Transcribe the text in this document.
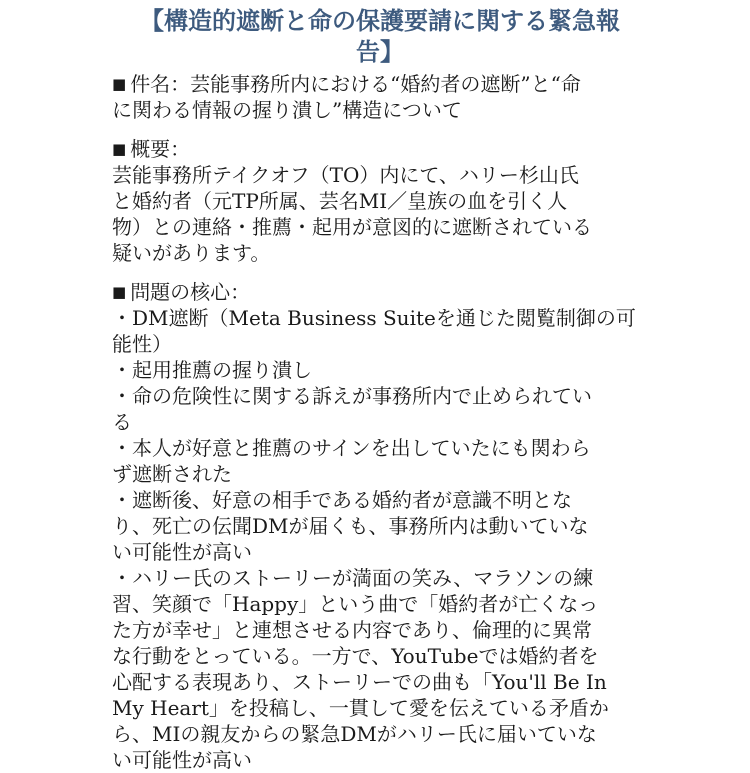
【構造的遮断と命の保護要請に関する緊急報
告】
■ 件名：芸能事務所内における“婚約者の遮断”と“命
に関わる情報の握り潰し”構造について
■ 概要：
芸能事務所テイクオフ（TO）内にて、ハリー杉山氏
と婚約者（元TP所属、芸名MI／皇族の血を引く人
物）との連絡・推薦・起用が意図的に遮断されている
疑いがあります。
■ 問題の核心：
・DM遮断（Meta Business Suiteを通じた閲覧制御の可
能性）
・起用推薦の握り潰し
・命の危険性に関する訴えが事務所内で止められてい
る
・本人が好意と推薦のサインを出していたにも関わら
ず遮断された
・遮断後、好意の相手である婚約者が意識不明とな
り、死亡の伝聞DMが届くも、事務所内は動いていな
い可能性が高い
・ハリー氏のストーリーが満面の笑み、マラソンの練
習、笑顔で「Happy」という曲で「婚約者が亡くなっ
た方が幸せ」と連想させる内容であり、倫理的に異常
な行動をとっている。一方で、YouTubeでは婚約者を
心配する表現あり、ストーリーでの曲も「You'll Be In
My Heart」を投稿し、一貫して愛を伝えている矛盾か
ら、MIの親友からの緊急DMがハリー氏に届いていな
い可能性が高い
